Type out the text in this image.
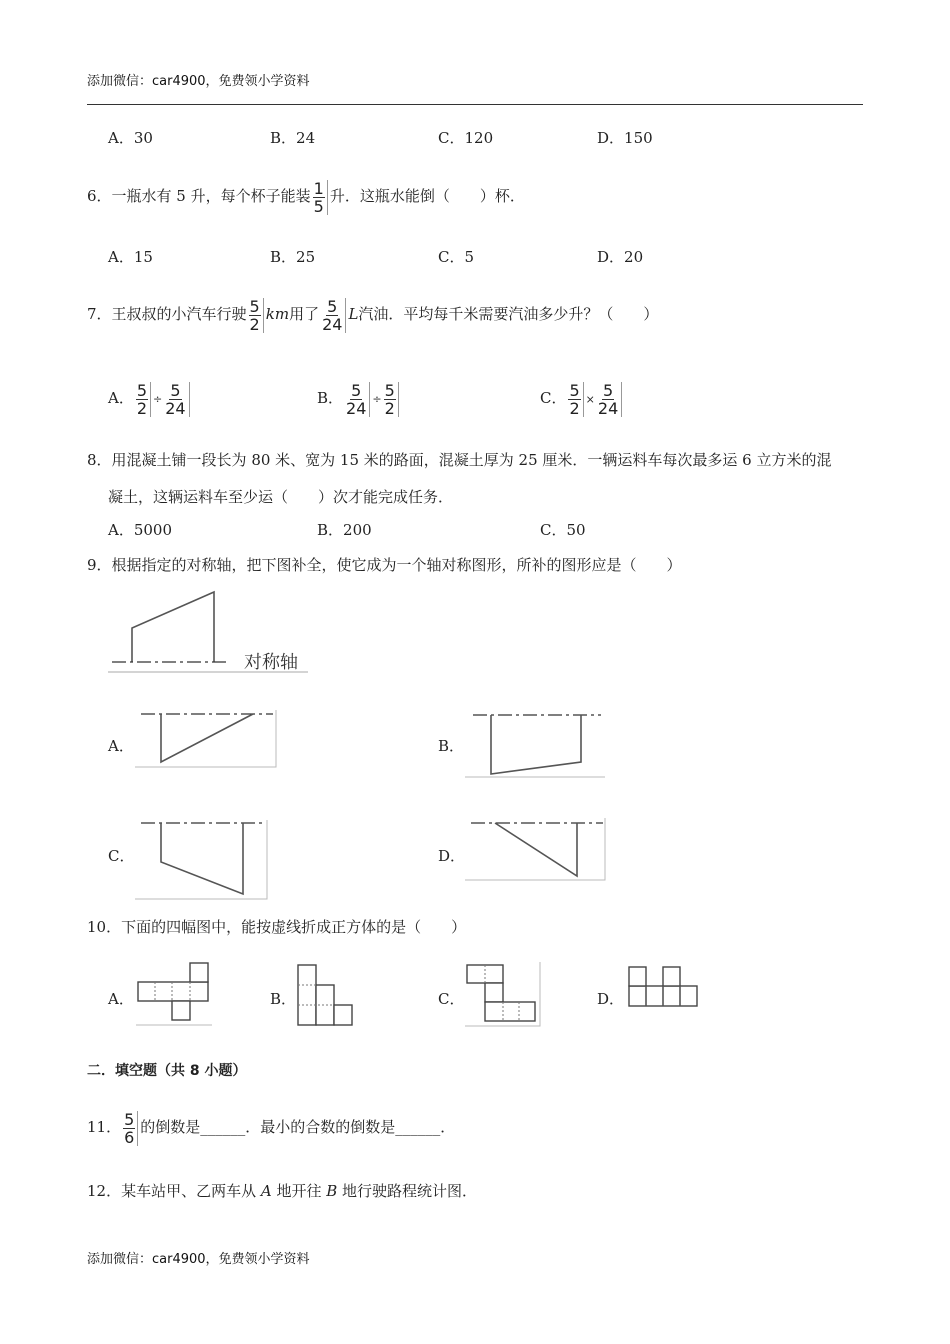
添加微信：car4900，免费领小学资料
A．30	B．24	C．120	D．150
6．一瓶水有 5 升，每个杯子能装 $\frac{1}{5}$ 升．这瓶水能倒（　　）杯．
A．15	B．25	C．5	D．20
7．王叔叔的小汽车行驶 $\frac{5}{2}$ km用了 $\frac{5}{24}$ L汽油．平均每千米需要汽油多少升？（　　）
A． $\frac{5}{2} \div \frac{5}{24}$	B． $\frac{5}{24} \div \frac{5}{2}$	C． $\frac{5}{2} \times \frac{5}{24}$
8．用混凝土铺一段长为 80 米、宽为 15 米的路面，混凝土厚为 25 厘米．一辆运料车每次最多运 6 立方米的混
凝土，这辆运料车至少运（　　）次才能完成任务．
A．5000	B．200	C．50
9．根据指定的对称轴，把下图补全，使它成为一个轴对称图形，所补的图形应是（　　）
对称轴
A．	B．
C．	D．
10．下面的四幅图中，能按虚线折成正方体的是（　　）
A．	B．	C．	D．
二．填空题（共 8 小题）
11． $\frac{5}{6}$ 的倒数是______．最小的合数的倒数是______．
12．某车站甲、乙两车从 A 地开往 B 地行驶路程统计图．
添加微信：car4900，免费领小学资料
